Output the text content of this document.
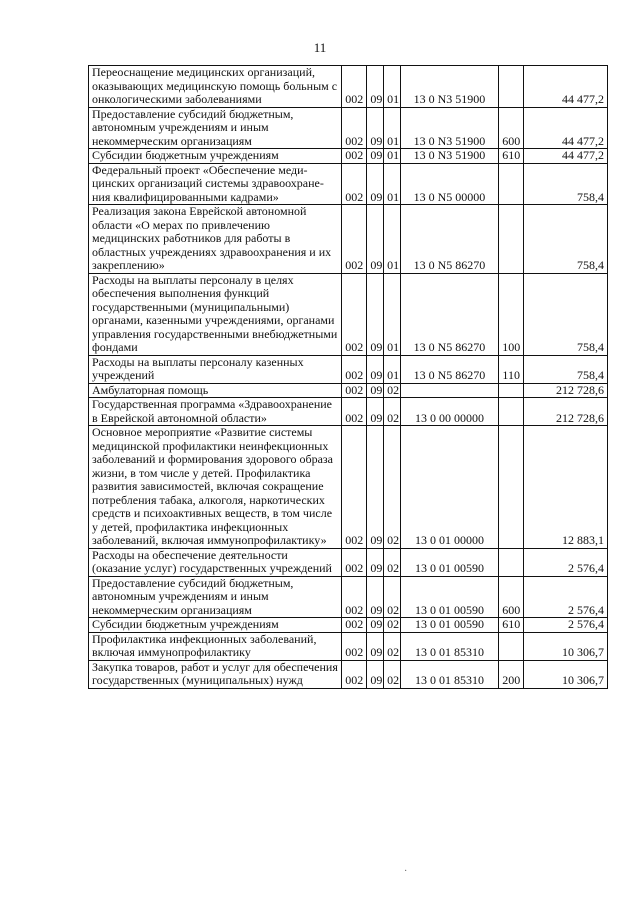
11
Переоснащение медицинских организаций, оказывающих медицинскую помощь больным с онкологическими заболеваниями	002	09	01	13 0 N3 51900		44 477,2
Предоставление субсидий бюджетным, автономным учреждениям и иным некоммерческим организациям	002	09	01	13 0 N3 51900	600	44 477,2
Субсидии бюджетным учреждениям	002	09	01	13 0 N3 51900	610	44 477,2
Федеральный проект «Обеспечение меди-цинских организаций системы здравоохране-ния квалифицированными кадрами»	002	09	01	13 0 N5 00000		758,4
Реализация закона Еврейской автономной области «О мерах по привлечению медицинских работников для работы в областных учреждениях здравоохранения и их закреплению»	002	09	01	13 0 N5 86270		758,4
Расходы на выплаты персоналу в целях обеспечения выполнения функций государственными (муниципальными) органами, казенными учреждениями, органами управления государственными внебюджетными фондами	002	09	01	13 0 N5 86270	100	758,4
Расходы на выплаты персоналу казенных учреждений	002	09	01	13 0 N5 86270	110	758,4
Амбулаторная помощь	002	09	02			212 728,6
Государственная программа «Здравоохранение в Еврейской автономной области»	002	09	02	13 0 00 00000		212 728,6
Основное мероприятие «Развитие системы медицинской профилактики неинфекционных заболеваний и формирования здорового образа жизни, в том числе у детей. Профилактика развития зависимостей, включая сокращение потребления табака, алкоголя, наркотических средств и психоактивных веществ, в том числе у детей, профилактика инфекционных заболеваний, включая иммунопрофилактику»	002	09	02	13 0 01 00000		12 883,1
Расходы на обеспечение деятельности (оказание услуг) государственных учреждений	002	09	02	13 0 01 00590		2 576,4
Предоставление субсидий бюджетным, автономным учреждениям и иным некоммерческим организациям	002	09	02	13 0 01 00590	600	2 576,4
Субсидии бюджетным учреждениям	002	09	02	13 0 01 00590	610	2 576,4
Профилактика инфекционных заболеваний, включая иммунопрофилактику	002	09	02	13 0 01 85310		10 306,7
Закупка товаров, работ и услуг для обеспечения государственных (муниципальных) нужд	002	09	02	13 0 01 85310	200	10 306,7
·
